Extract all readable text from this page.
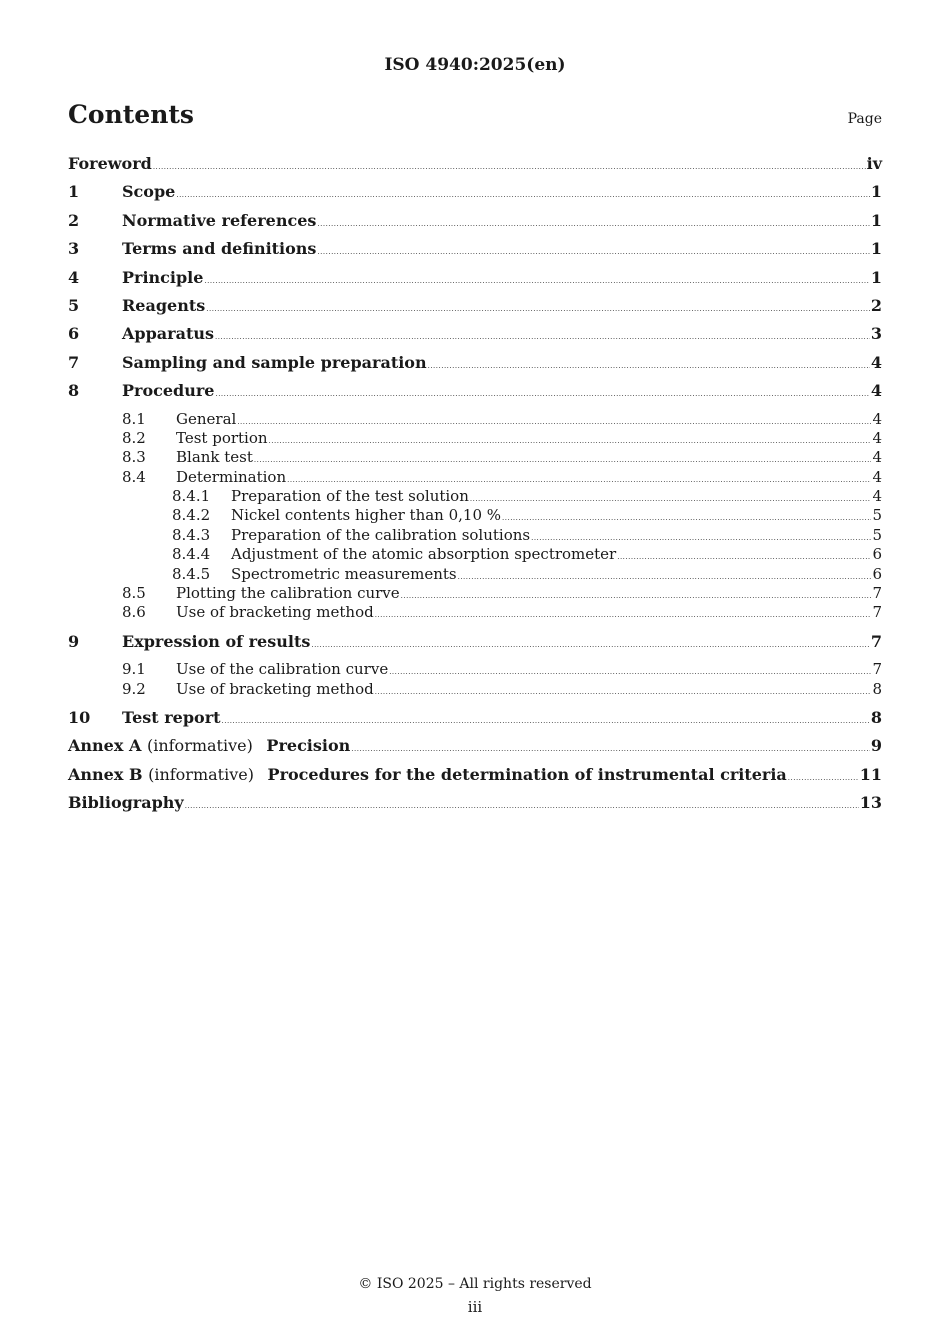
ISO 4940:2025(en)
Contents	Page
Foreword .....	iv
1	Scope .....	1
2	Normative references .....	1
3	Terms and definitions .....	1
4	Principle .....	1
5	Reagents .....	2
6	Apparatus .....	3
7	Sampling and sample preparation .....	4
8	Procedure .....	4
8.1	General .....	4
8.2	Test portion .....	4
8.3	Blank test .....	4
8.4	Determination .....	4
8.4.1	Preparation of the test solution .....	4
8.4.2	Nickel contents higher than 0,10 % .....	5
8.4.3	Preparation of the calibration solutions .....	5
8.4.4	Adjustment of the atomic absorption spectrometer .....	6
8.4.5	Spectrometric measurements .....	6
8.5	Plotting the calibration curve .....	7
8.6	Use of bracketing method .....	7
9	Expression of results .....	7
9.1	Use of the calibration curve .....	7
9.2	Use of bracketing method .....	8
10	Test report .....	8
Annex A (informative) Precision .....	9
Annex B (informative) Procedures for the determination of instrumental criteria .....	11
Bibliography .....	13
© ISO 2025 – All rights reserved
iii
